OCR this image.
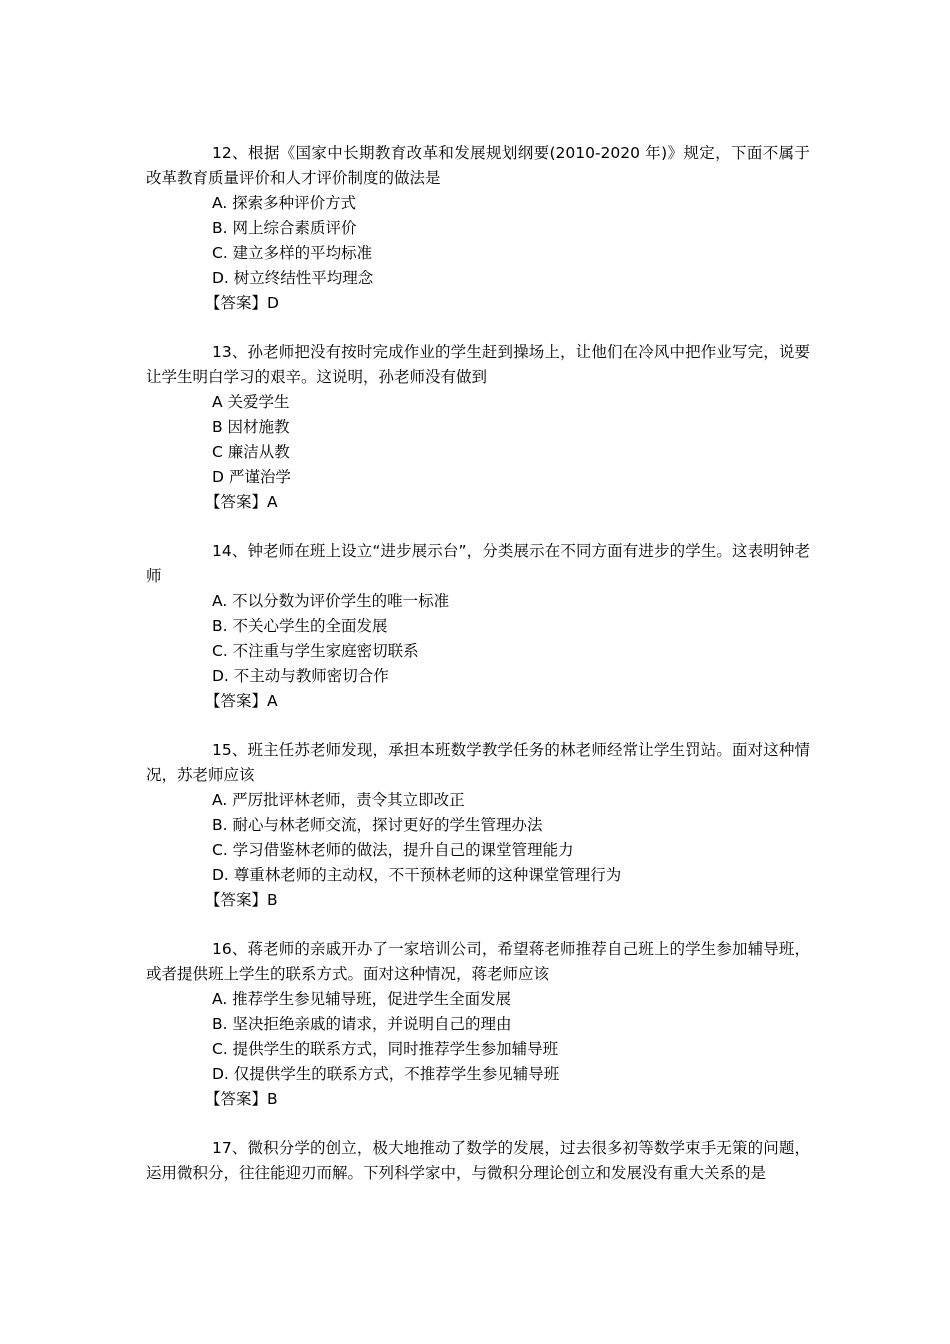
12、根据《国家中长期教育改革和发展规划纲要(2010-2020 年)》规定，下面不属于改革教育质量评价和人才评价制度的做法是

A. 探索多种评价方式
B. 网上综合素质评价
C. 建立多样的平均标准
D. 树立终结性平均理念
【答案】D

13、孙老师把没有按时完成作业的学生赶到操场上，让他们在冷风中把作业写完，说要让学生明白学习的艰辛。这说明，孙老师没有做到

A 关爱学生
B 因材施教
C 廉洁从教
D 严谨治学
【答案】A

14、钟老师在班上设立“进步展示台”，分类展示在不同方面有进步的学生。这表明钟老师

A. 不以分数为评价学生的唯一标准
B. 不关心学生的全面发展
C. 不注重与学生家庭密切联系
D. 不主动与教师密切合作
【答案】A

15、班主任苏老师发现，承担本班数学教学任务的林老师经常让学生罚站。面对这种情况，苏老师应该

A. 严厉批评林老师，责令其立即改正
B. 耐心与林老师交流，探讨更好的学生管理办法
C. 学习借鉴林老师的做法，提升自己的课堂管理能力
D. 尊重林老师的主动权，不干预林老师的这种课堂管理行为
【答案】B

16、蒋老师的亲戚开办了一家培训公司，希望蒋老师推荐自己班上的学生参加辅导班，或者提供班上学生的联系方式。面对这种情况，蒋老师应该

A. 推荐学生参见辅导班，促进学生全面发展
B. 坚决拒绝亲戚的请求，并说明自己的理由
C. 提供学生的联系方式，同时推荐学生参加辅导班
D. 仅提供学生的联系方式，不推荐学生参见辅导班
【答案】B

17、微积分学的创立，极大地推动了数学的发展，过去很多初等数学束手无策的问题，运用微积分，往往能迎刃而解。下列科学家中，与微积分理论创立和发展没有重大关系的是
